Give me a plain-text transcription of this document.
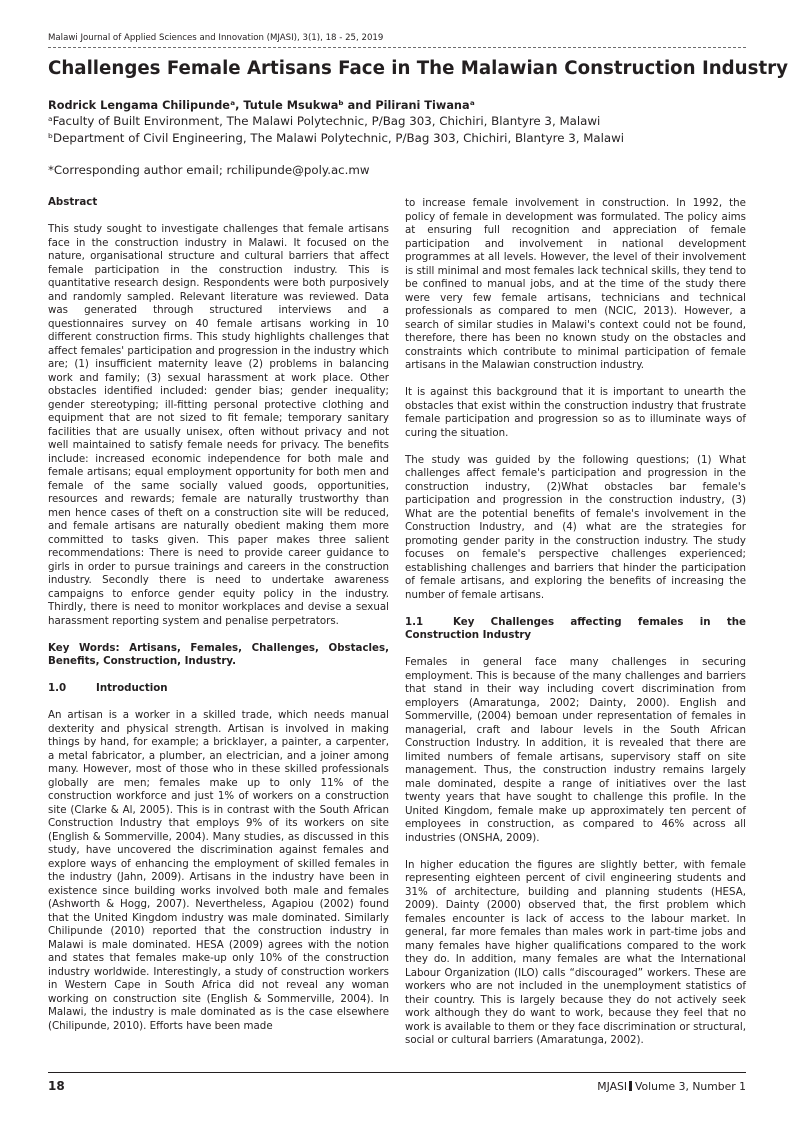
Malawi Journal of Applied Sciences and Innovation (MJASI), 3(1), 18 - 25, 2019
Challenges Female Artisans Face in The Malawian Construction Industry
Rodrick Lengama Chilipundeᵃ, Tutule Msukwaᵇ and Pilirani Tiwanaᵃ
ᵃFaculty of Built Environment, The Malawi Polytechnic, P/Bag 303, Chichiri, Blantyre 3, Malawi
ᵇDepartment of Civil Engineering, The Malawi Polytechnic, P/Bag 303, Chichiri, Blantyre 3, Malawi
*Corresponding author email; rchilipunde@poly.ac.mw
Abstract

This study sought to investigate challenges that female artisans face in the construction industry in Malawi. It focused on the nature, organisational structure and cultural barriers that affect female participation in the construction industry. This is quantitative research design. Respondents were both purposively and randomly sampled. Relevant literature was reviewed. Data was generated through structured interviews and a questionnaires survey on 40 female artisans working in 10 different construction firms. This study highlights challenges that affect females' participation and progression in the industry which are; (1) insufficient maternity leave (2) problems in balancing work and family; (3) sexual harassment at work place. Other obstacles identified included: gender bias; gender inequality; gender stereotyping; ill-fitting personal protective clothing and equipment that are not sized to fit female; temporary sanitary facilities that are usually unisex, often without privacy and not well maintained to satisfy female needs for privacy. The benefits include: increased economic independence for both male and female artisans; equal employment opportunity for both men and female of the same socially valued goods, opportunities, resources and rewards; female are naturally trustworthy than men hence cases of theft on a construction site will be reduced, and female artisans are naturally obedient making them more committed to tasks given. This paper makes three salient recommendations: There is need to provide career guidance to girls in order to pursue trainings and careers in the construction industry. Secondly there is need to undertake awareness campaigns to enforce gender equity policy in the industry. Thirdly, there is need to monitor workplaces and devise a sexual harassment reporting system and penalise perpetrators.

Key Words: Artisans, Females, Challenges, Obstacles, Benefits, Construction, Industry.
1.0	Introduction

An artisan is a worker in a skilled trade, which needs manual dexterity and physical strength. Artisan is involved in making things by hand, for example; a bricklayer, a painter, a carpenter, a metal fabricator, a plumber, an electrician, and a joiner among many. However, most of those who in these skilled professionals globally are men; females make up to only 11% of the construction workforce and just 1% of workers on a construction site (Clarke & Al, 2005). This is in contrast with the South African Construction Industry that employs 9% of its workers on site (English & Sommerville, 2004). Many studies, as discussed in this study, have uncovered the discrimination against females and explore ways of enhancing the employment of skilled females in the industry (Jahn, 2009). Artisans in the industry have been in existence since building works involved both male and females (Ashworth & Hogg, 2007). Nevertheless, Agapiou (2002) found that the United Kingdom industry was male dominated. Similarly Chilipunde (2010) reported that the construction industry in Malawi is male dominated. HESA (2009) agrees with the notion and states that females make-up only 10% of the construction industry worldwide. Interestingly, a study of construction workers in Western Cape in South Africa did not reveal any woman working on construction site (English & Sommerville, 2004). In Malawi, the industry is male dominated as is the case elsewhere (Chilipunde, 2010). Efforts have been made

to increase female involvement in construction. In 1992, the policy of female in development was formulated. The policy aims at ensuring full recognition and appreciation of female participation and involvement in national development programmes at all levels. However, the level of their involvement is still minimal and most females lack technical skills, they tend to be confined to manual jobs, and at the time of the study there were very few female artisans, technicians and technical professionals as compared to men (NCIC, 2013). However, a search of similar studies in Malawi's context could not be found, therefore, there has been no known study on the obstacles and constraints which contribute to minimal participation of female artisans in the Malawian construction industry.

It is against this background that it is important to unearth the obstacles that exist within the construction industry that frustrate female participation and progression so as to illuminate ways of curing the situation.

The study was guided by the following questions; (1) What challenges affect female's participation and progression in the construction industry, (2)What obstacles bar female's participation and progression in the construction industry, (3) What are the potential benefits of female's involvement in the Construction Industry, and (4) what are the strategies for promoting gender parity in the construction industry. The study focuses on female's perspective challenges experienced; establishing challenges and barriers that hinder the participation of female artisans, and exploring the benefits of increasing the number of female artisans.

1.1	Key Challenges affecting females in the Construction Industry

Females in general face many challenges in securing employment. This is because of the many challenges and barriers that stand in their way including covert discrimination from employers (Amaratunga, 2002; Dainty, 2000). English and Sommerville, (2004) bemoan under representation of females in managerial, craft and labour levels in the South African Construction Industry. In addition, it is revealed that there are limited numbers of female artisans, supervisory staff on site management. Thus, the construction industry remains largely male dominated, despite a range of initiatives over the last twenty years that have sought to challenge this profile. In the United Kingdom, female make up approximately ten percent of employees in construction, as compared to 46% across all industries (ONSHA, 2009).

In higher education the figures are slightly better, with female representing eighteen percent of civil engineering students and 31% of architecture, building and planning students (HESA, 2009). Dainty (2000) observed that, the first problem which females encounter is lack of access to the labour market. In general, far more females than males work in part-time jobs and many females have higher qualifications compared to the work they do. In addition, many females are what the International Labour Organization (ILO) calls “discouraged” workers. These are workers who are not included in the unemployment statistics of their country. This is largely because they do not actively seek work although they do want to work, because they feel that no work is available to them or they face discrimination or structural, social or cultural barriers (Amaratunga, 2002).

18	MJASI Volume 3, Number 1
